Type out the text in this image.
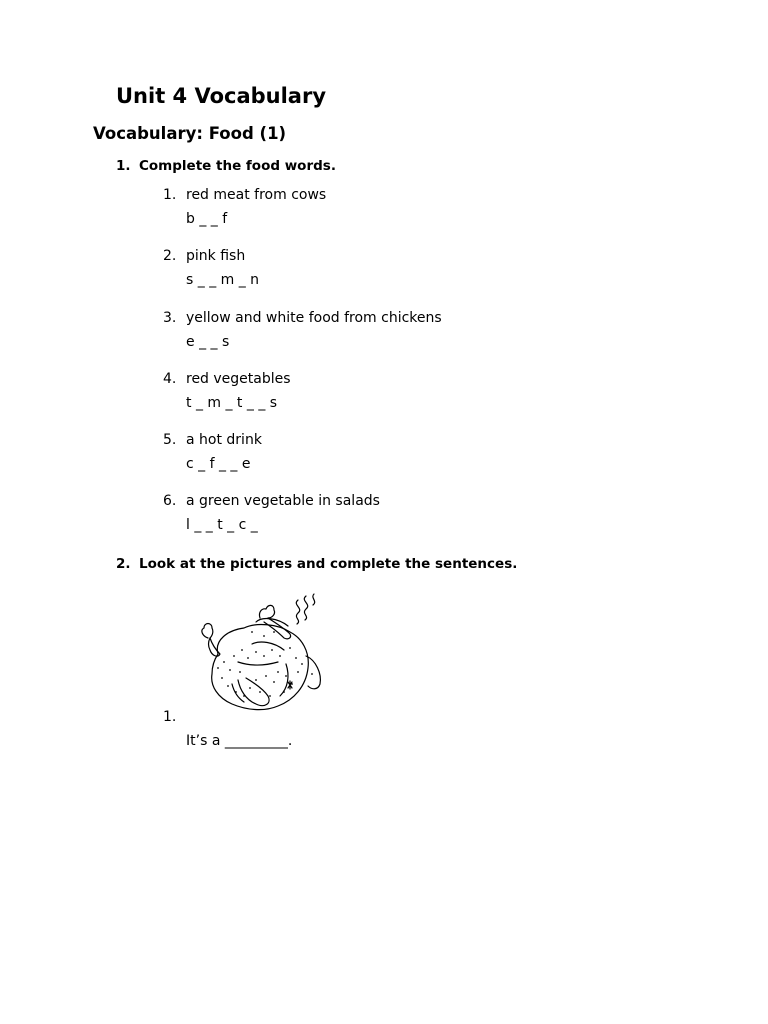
Unit 4 Vocabulary
Vocabulary: Food (1)
1. Complete the food words.
1. red meat from cows
b _ _ f
2. pink fish
s _ _ m _ n
3. yellow and white food from chickens
e _ _ s
4. red vegetables
t _ m _ t _ _ s
5. a hot drink
c _ f _ _ e
6. a green vegetable in salads
l _ _ t _ c _
2. Look at the pictures and complete the sentences.
1.
It’s a _________.
